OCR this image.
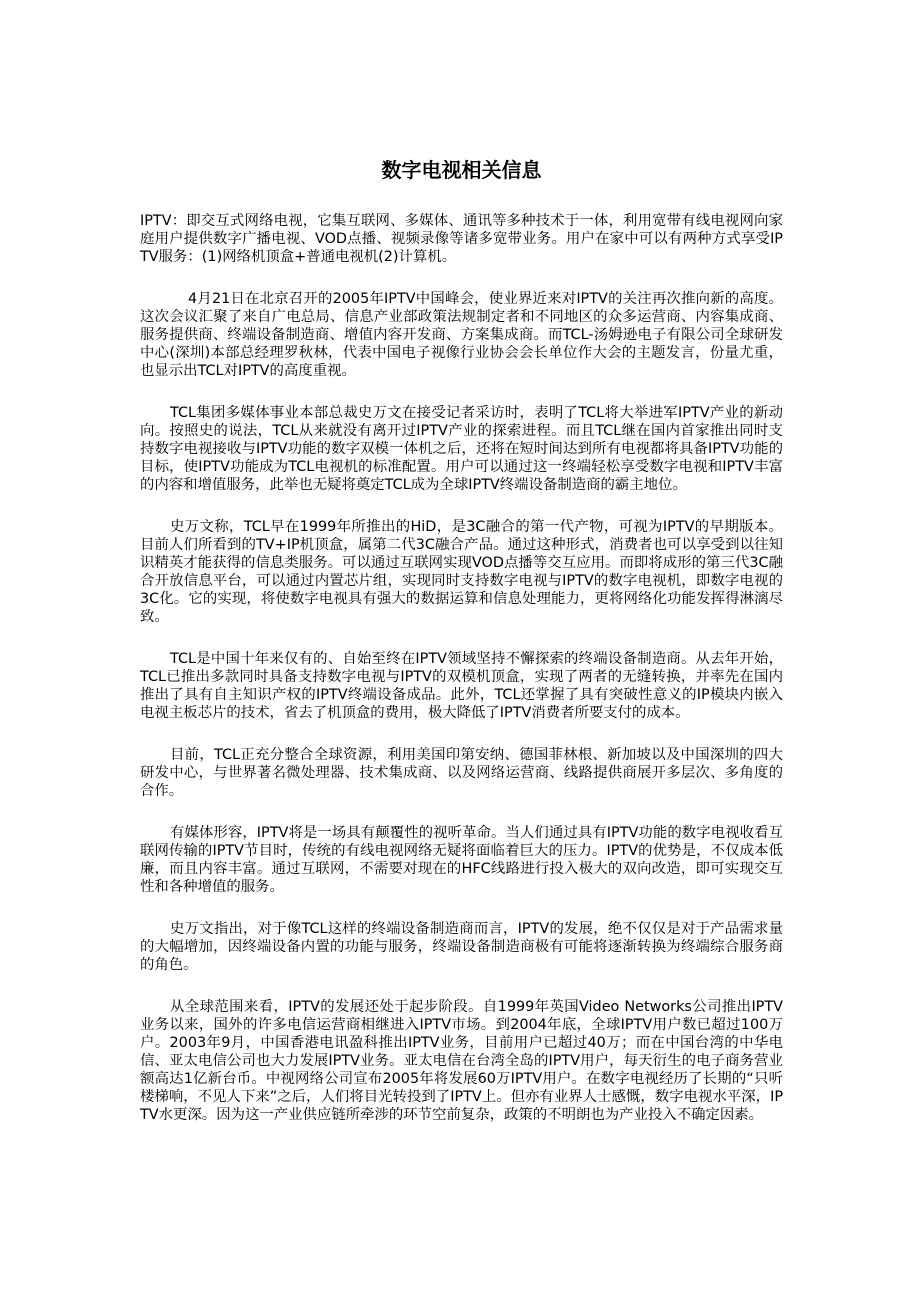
数字电视相关信息

IPTV：即交互式网络电视，它集互联网、多媒体、通讯等多种技术于一体，利用宽带有线电视网向家庭用户提供数字广播电视、VOD点播、视频录像等诸多宽带业务。用户在家中可以有两种方式享受IPTV服务：(1)网络机顶盒+普通电视机(2)计算机。

4月21日在北京召开的2005年IPTV中国峰会，使业界近来对IPTV的关注再次推向新的高度。这次会议汇聚了来自广电总局、信息产业部政策法规制定者和不同地区的众多运营商、内容集成商、服务提供商、终端设备制造商、增值内容开发商、方案集成商。而TCL-汤姆逊电子有限公司全球研发中心(深圳)本部总经理罗秋林，代表中国电子视像行业协会会长单位作大会的主题发言，份量尤重，也显示出TCL对IPTV的高度重视。

TCL集团多媒体事业本部总裁史万文在接受记者采访时，表明了TCL将大举进军IPTV产业的新动向。按照史的说法，TCL从来就没有离开过IPTV产业的探索进程。而且TCL继在国内首家推出同时支持数字电视接收与IPTV功能的数字双模一体机之后，还将在短时间达到所有电视都将具备IPTV功能的目标，使IPTV功能成为TCL电视机的标准配置。用户可以通过这一终端轻松享受数字电视和IPTV丰富的内容和增值服务，此举也无疑将奠定TCL成为全球IPTV终端设备制造商的霸主地位。

史万文称，TCL早在1999年所推出的HiD，是3C融合的第一代产物，可视为IPTV的早期版本。目前人们所看到的TV+IP机顶盒，属第二代3C融合产品。通过这种形式，消费者也可以享受到以往知识精英才能获得的信息类服务。可以通过互联网实现VOD点播等交互应用。而即将成形的第三代3C融合开放信息平台，可以通过内置芯片组，实现同时支持数字电视与IPTV的数字电视机，即数字电视的3C化。它的实现，将使数字电视具有强大的数据运算和信息处理能力，更将网络化功能发挥得淋漓尽致。

TCL是中国十年来仅有的、自始至终在IPTV领域坚持不懈探索的终端设备制造商。从去年开始，TCL已推出多款同时具备支持数字电视与IPTV的双模机顶盒，实现了两者的无缝转换，并率先在国内推出了具有自主知识产权的IPTV终端设备成品。此外，TCL还掌握了具有突破性意义的IP模块内嵌入电视主板芯片的技术，省去了机顶盒的费用，极大降低了IPTV消费者所要支付的成本。

目前，TCL正充分整合全球资源，利用美国印第安纳、德国菲林根、新加坡以及中国深圳的四大研发中心，与世界著名微处理器、技术集成商、以及网络运营商、线路提供商展开多层次、多角度的合作。

有媒体形容，IPTV将是一场具有颠覆性的视听革命。当人们通过具有IPTV功能的数字电视收看互联网传输的IPTV节目时，传统的有线电视网络无疑将面临着巨大的压力。IPTV的优势是，不仅成本低廉，而且内容丰富。通过互联网，不需要对现在的HFC线路进行投入极大的双向改造，即可实现交互性和各种增值的服务。

史万文指出，对于像TCL这样的终端设备制造商而言，IPTV的发展，绝不仅仅是对于产品需求量的大幅增加，因终端设备内置的功能与服务，终端设备制造商极有可能将逐渐转换为终端综合服务商的角色。

从全球范围来看，IPTV的发展还处于起步阶段。自1999年英国Video Networks公司推出IPTV业务以来，国外的许多电信运营商相继进入IPTV市场。到2004年底，全球IPTV用户数已超过100万户。2003年9月，中国香港电讯盈科推出IPTV业务，目前用户已超过40万；而在中国台湾的中华电信、亚太电信公司也大力发展IPTV业务。亚太电信在台湾全岛的IPTV用户，每天衍生的电子商务营业额高达1亿新台币。中视网络公司宣布2005年将发展60万IPTV用户。在数字电视经历了长期的“只听楼梯响，不见人下来”之后，人们将目光转投到了IPTV上。但亦有业界人士感慨，数字电视水平深，IPTV水更深。因为这一产业供应链所牵涉的环节空前复杂，政策的不明朗也为产业投入不确定因素。
